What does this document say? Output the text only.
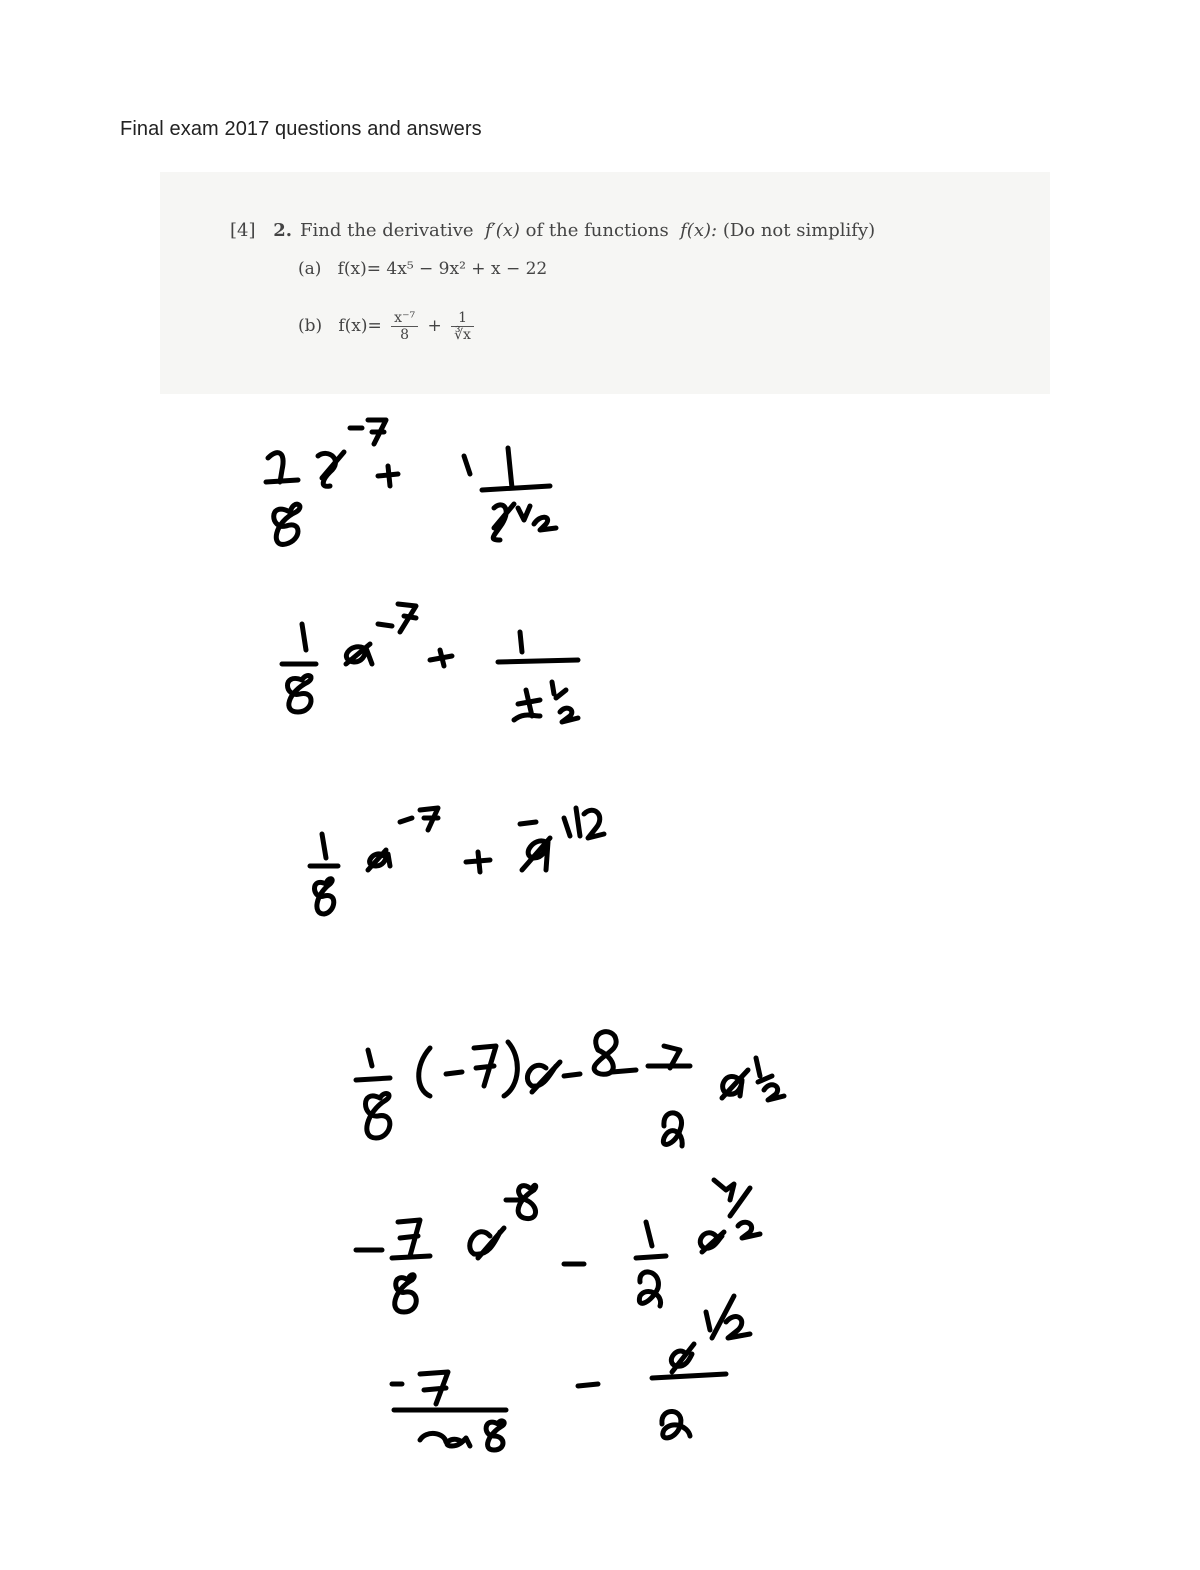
Final exam 2017 questions and answers
[4] 2. Find the derivative f′(x) of the functions f(x): (Do not simplify)
(a) f(x)= 4x⁵ − 9x² + x − 22
(b) $f(x)= \frac{\text{x⁻⁷}}{8} + \frac{1}{∛x}$
